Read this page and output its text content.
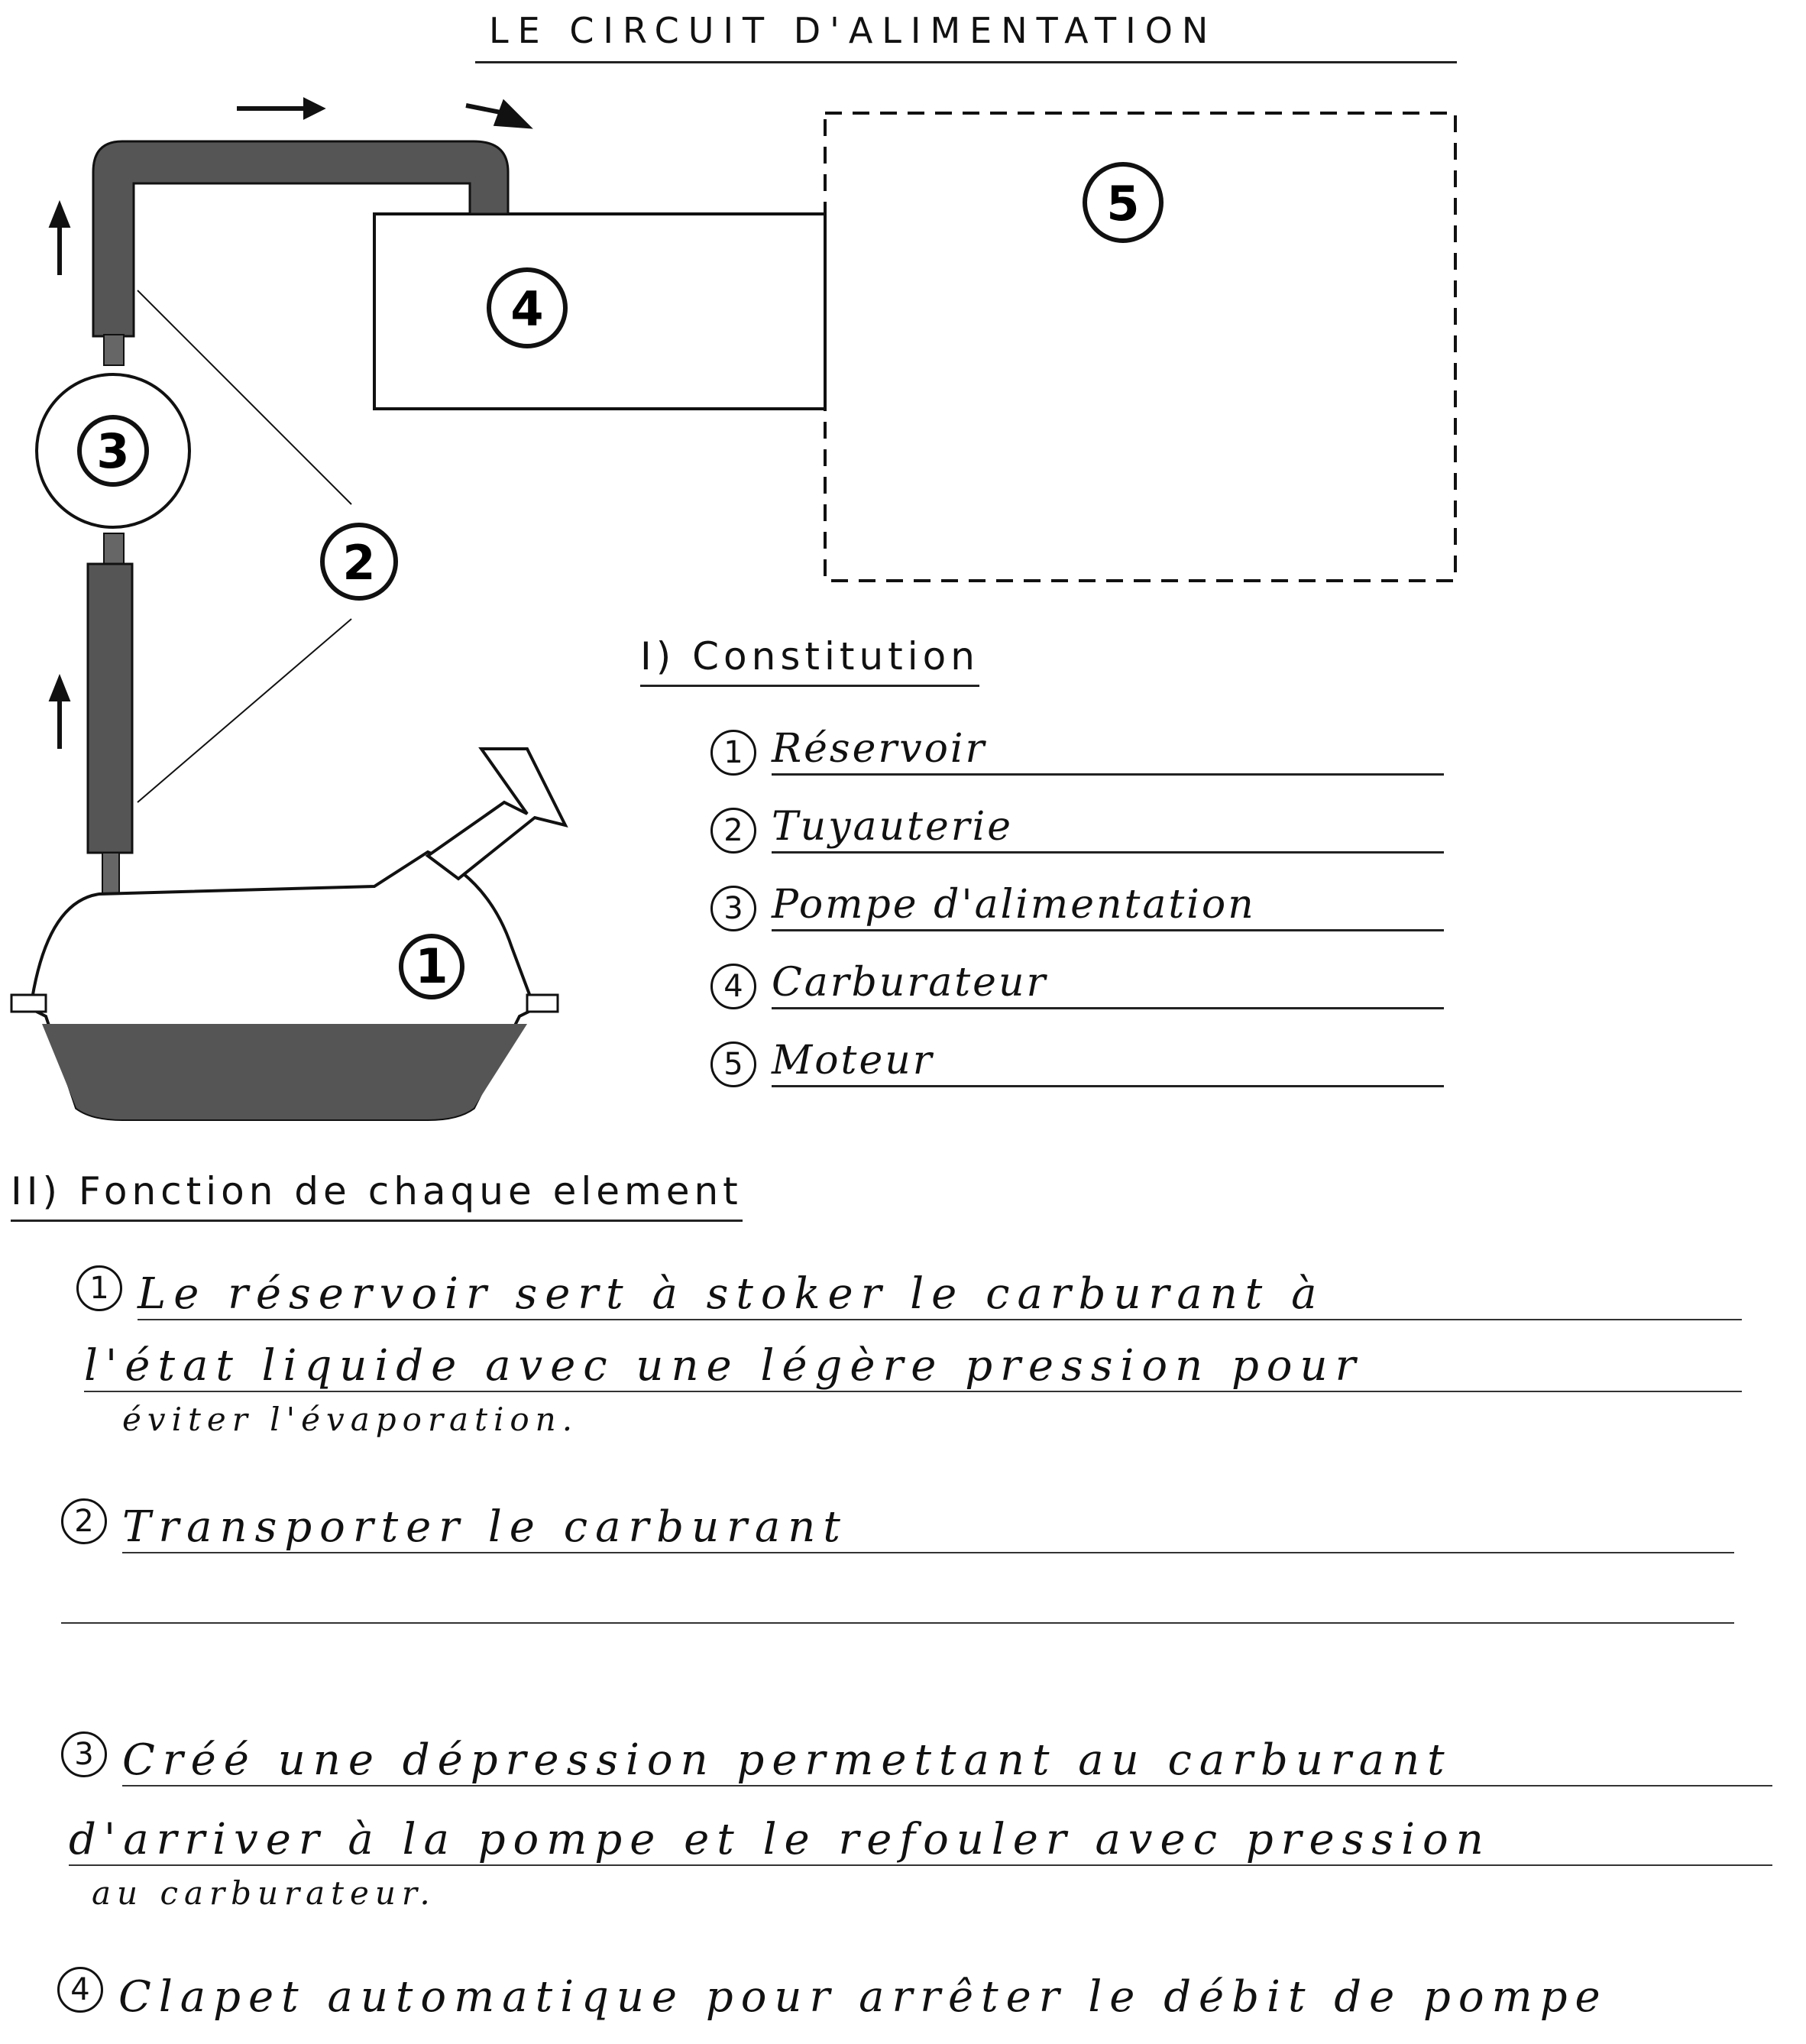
LE CIRCUIT D'ALIMENTATION
5
4
3
2
1
I) Constitution
1 Réservoir
2 Tuyauterie
3 Pompe d'alimentation
4 Carburateur
5 Moteur
II) Fonction de chaque element
1 Le réservoir sert à stoker le carburant à
l'état liquide avec une légère pression pour
éviter l'évaporation.
2 Transporter le carburant
3 Créé une dépression permettant au carburant
d'arriver à la pompe et le refouler avec pression
au carburateur.
4 Clapet automatique pour arrêter le débit de pompe
